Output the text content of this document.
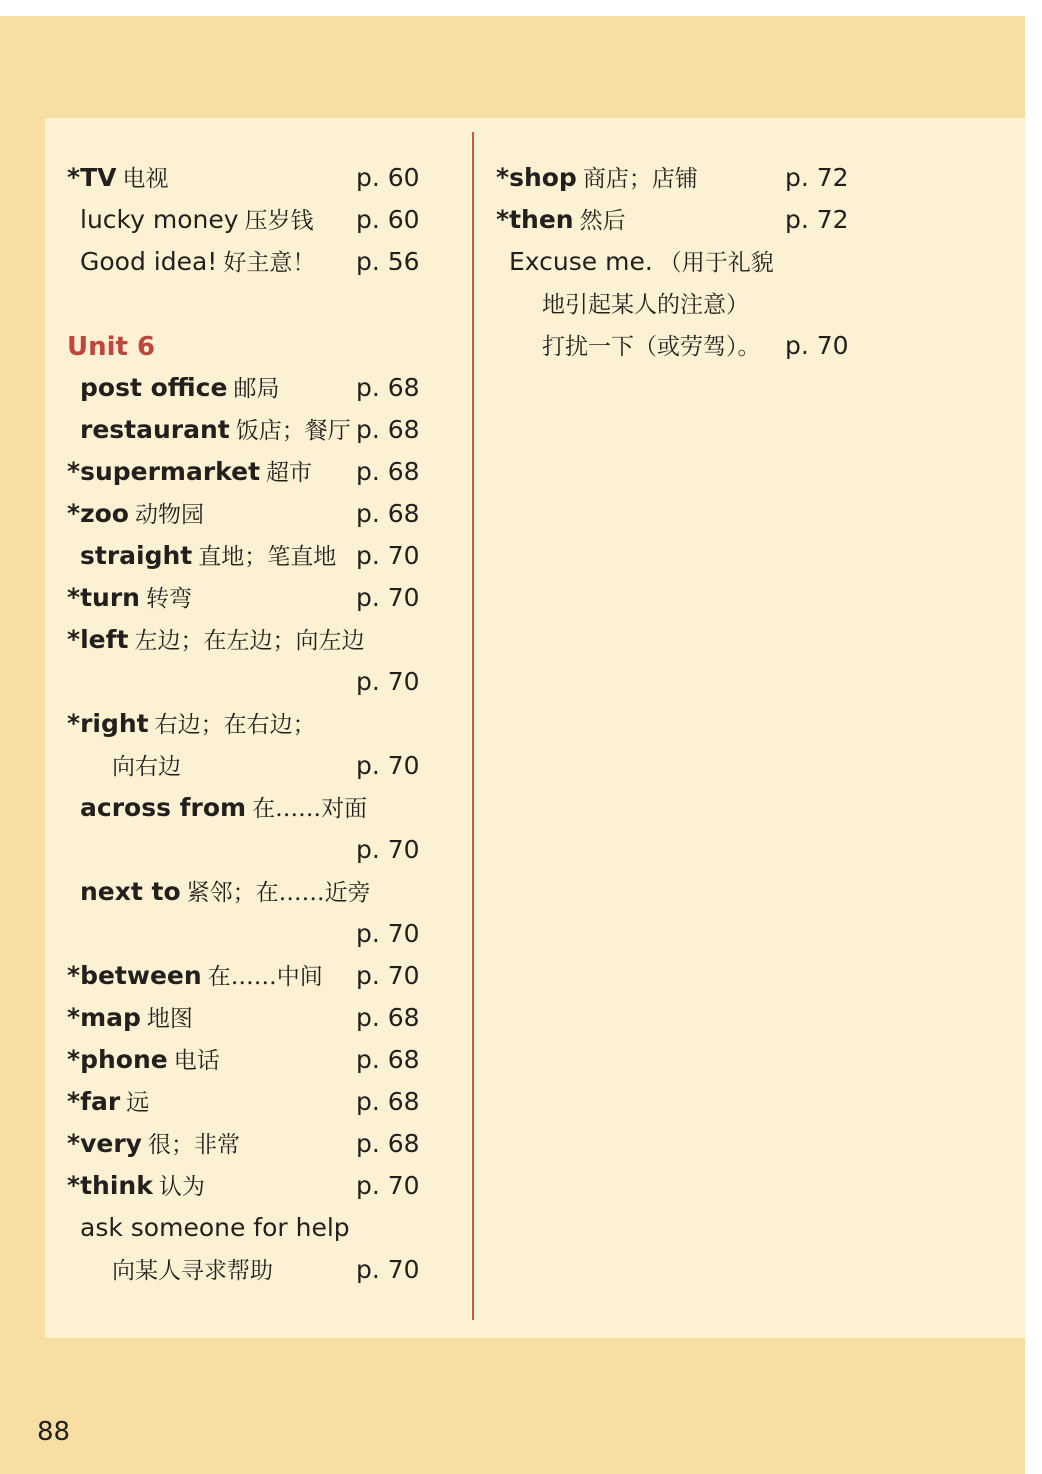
*TV 电视	p. 60
lucky money 压岁钱 p. 60
Good idea! 好主意！ p. 56
Unit 6
post office 邮局	p. 68
restaurant 饭店；餐厅 p. 68
*supermarket 超市 p. 68
*zoo 动物园	p. 68
straight 直地；笔直地 p. 70
*turn 转弯	p. 70
*left 左边；在左边；向左边
p. 70
*right 右边；在右边；
向右边	p. 70
across from 在……对面
p. 70
next to 紧邻；在……近旁
p. 70
*between 在……中间 p. 70
*map 地图	p. 68
*phone 电话	p. 68
*far 远	p. 68
*very 很；非常	p. 68
*think 认为	p. 70
ask someone for help
向某人寻求帮助	p. 70
*shop 商店；店铺	p. 72
*then 然后	p. 72
Excuse me. （用于礼貌
地引起某人的注意）
打扰一下（或劳驾）。 p. 70
88
